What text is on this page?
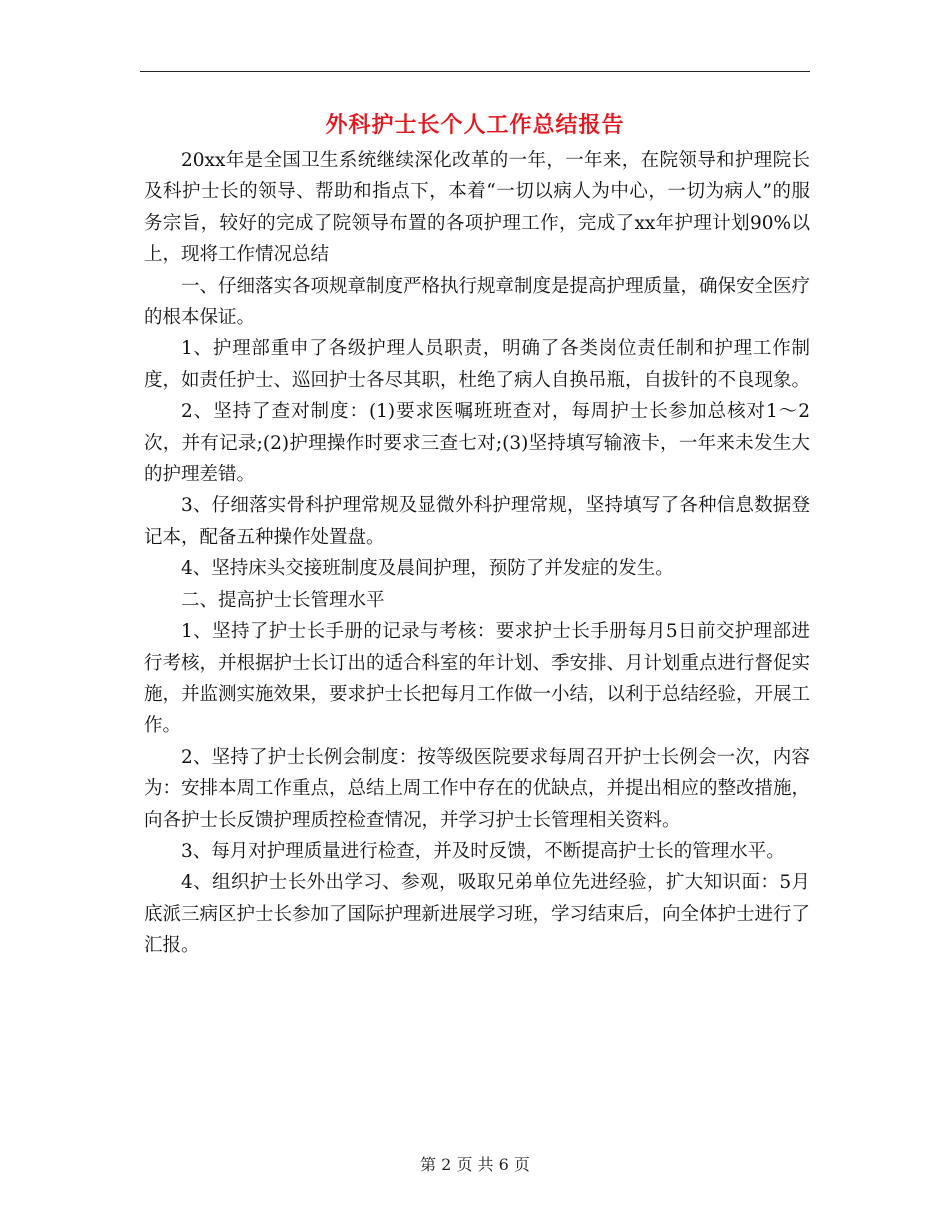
外科护士长个人工作总结报告

20xx年是全国卫生系统继续深化改革的一年，一年来，在院领导和护理院长及科护士长的领导、帮助和指点下，本着“一切以病人为中心，一切为病人”的服务宗旨，较好的完成了院领导布置的各项护理工作，完成了xx年护理计划90%以上，现将工作情况总结

一、仔细落实各项规章制度严格执行规章制度是提高护理质量，确保安全医疗的根本保证。

1、护理部重申了各级护理人员职责，明确了各类岗位责任制和护理工作制度，如责任护士、巡回护士各尽其职，杜绝了病人自换吊瓶，自拔针的不良现象。

2、坚持了查对制度：(1)要求医嘱班班查对，每周护士长参加总核对1～2次，并有记录;(2)护理操作时要求三查七对;(3)坚持填写输液卡，一年来未发生大的护理差错。

3、仔细落实骨科护理常规及显微外科护理常规，坚持填写了各种信息数据登记本，配备五种操作处置盘。

4、坚持床头交接班制度及晨间护理，预防了并发症的发生。

二、提高护士长管理水平

1、坚持了护士长手册的记录与考核：要求护士长手册每月5日前交护理部进行考核，并根据护士长订出的适合科室的年计划、季安排、月计划重点进行督促实施，并监测实施效果，要求护士长把每月工作做一小结，以利于总结经验，开展工作。

2、坚持了护士长例会制度：按等级医院要求每周召开护士长例会一次，内容为：安排本周工作重点，总结上周工作中存在的优缺点，并提出相应的整改措施，向各护士长反馈护理质控检查情况，并学习护士长管理相关资料。

3、每月对护理质量进行检查，并及时反馈，不断提高护士长的管理水平。

4、组织护士长外出学习、参观，吸取兄弟单位先进经验，扩大知识面：5月底派三病区护士长参加了国际护理新进展学习班，学习结束后，向全体护士进行了汇报。

第 2 页 共 6 页
